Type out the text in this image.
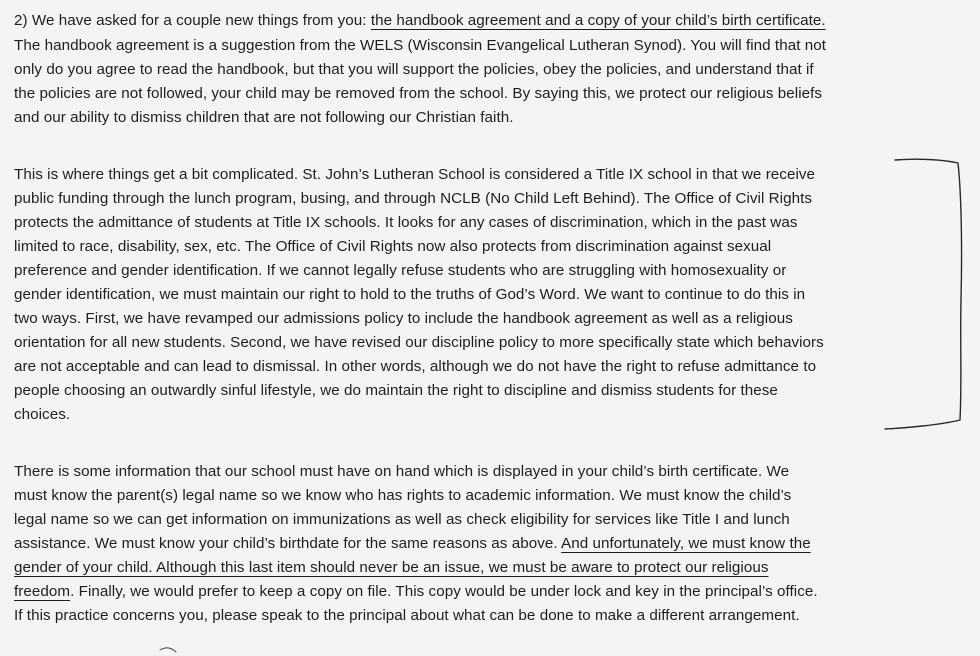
2) We have asked for a couple new things from you: the handbook agreement and a copy of your child’s birth certificate.
The handbook agreement is a suggestion from the WELS (Wisconsin Evangelical Lutheran Synod). You will find that not
only do you agree to read the handbook, but that you will support the policies, obey the policies, and understand that if
the policies are not followed, your child may be removed from the school. By saying this, we protect our religious beliefs
and our ability to dismiss children that are not following our Christian faith.
This is where things get a bit complicated. St. John’s Lutheran School is considered a Title IX school in that we receive
public funding through the lunch program, busing, and through NCLB (No Child Left Behind). The Office of Civil Rights
protects the admittance of students at Title IX schools. It looks for any cases of discrimination, which in the past was
limited to race, disability, sex, etc. The Office of Civil Rights now also protects from discrimination against sexual
preference and gender identification. If we cannot legally refuse students who are struggling with homosexuality or
gender identification, we must maintain our right to hold to the truths of God’s Word. We want to continue to do this in
two ways. First, we have revamped our admissions policy to include the handbook agreement as well as a religious
orientation for all new students. Second, we have revised our discipline policy to more specifically state which behaviors
are not acceptable and can lead to dismissal. In other words, although we do not have the right to refuse admittance to
people choosing an outwardly sinful lifestyle, we do maintain the right to discipline and dismiss students for these
choices.
There is some information that our school must have on hand which is displayed in your child’s birth certificate. We
must know the parent(s) legal name so we know who has rights to academic information. We must know the child’s
legal name so we can get information on immunizations as well as check eligibility for services like Title I and lunch
assistance. We must know your child’s birthdate for the same reasons as above. And unfortunately, we must know the
gender of your child. Although this last item should never be an issue, we must be aware to protect our religious
freedom. Finally, we would prefer to keep a copy on file. This copy would be under lock and key in the principal’s office.
If this practice concerns you, please speak to the principal about what can be done to make a different arrangement.
